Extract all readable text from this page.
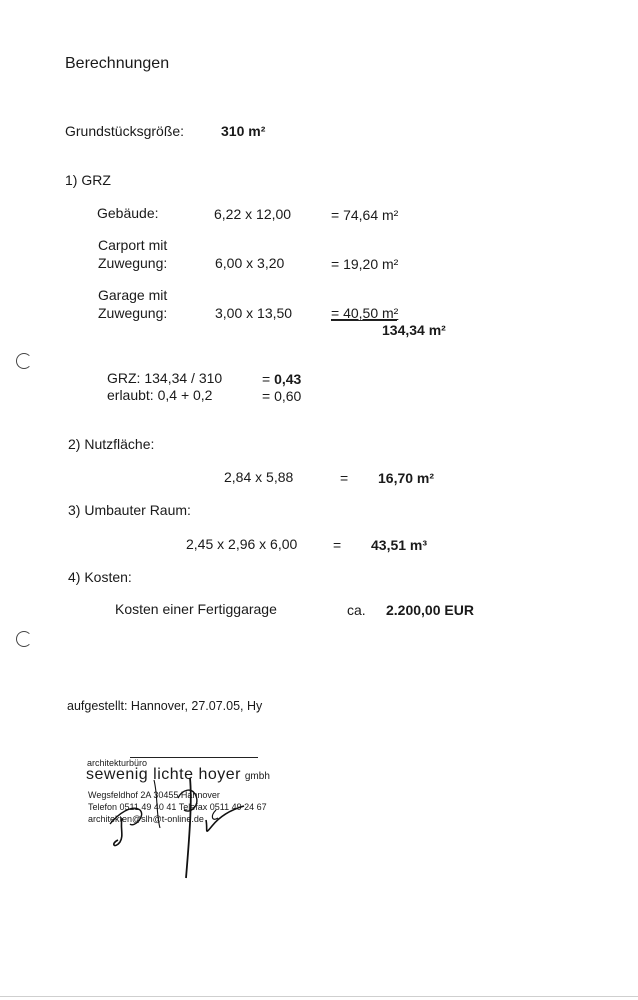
Berechnungen
Grundstücksgröße:	310 m²
1) GRZ
Gebäude:	6,22 x 12,00	= 74,64 m²
Carport mit
Zuwegung:	6,00 x 3,20	= 19,20 m²
Garage mit
Zuwegung:	3,00 x 13,50	= 40,50 m²
134,34 m²
GRZ: 134,34 / 310	= 0,43
erlaubt: 0,4 + 0,2	= 0,60
2) Nutzfläche:
2,84 x 5,88	= 16,70 m²
3) Umbauter Raum:
2,45 x 2,96 x 6,00	= 43,51 m³
4) Kosten:
Kosten einer Fertiggarage	ca. 2.200,00 EUR
aufgestellt: Hannover, 27.07.05, Hy
architekturbüro
sewenig lichte hoyer gmbh
Wegsfeldhof 2A 30455 Hannover
Telefon 0511 49 40 41 Telefax 0511 49 24 67
architekten@slh@t-online.de
